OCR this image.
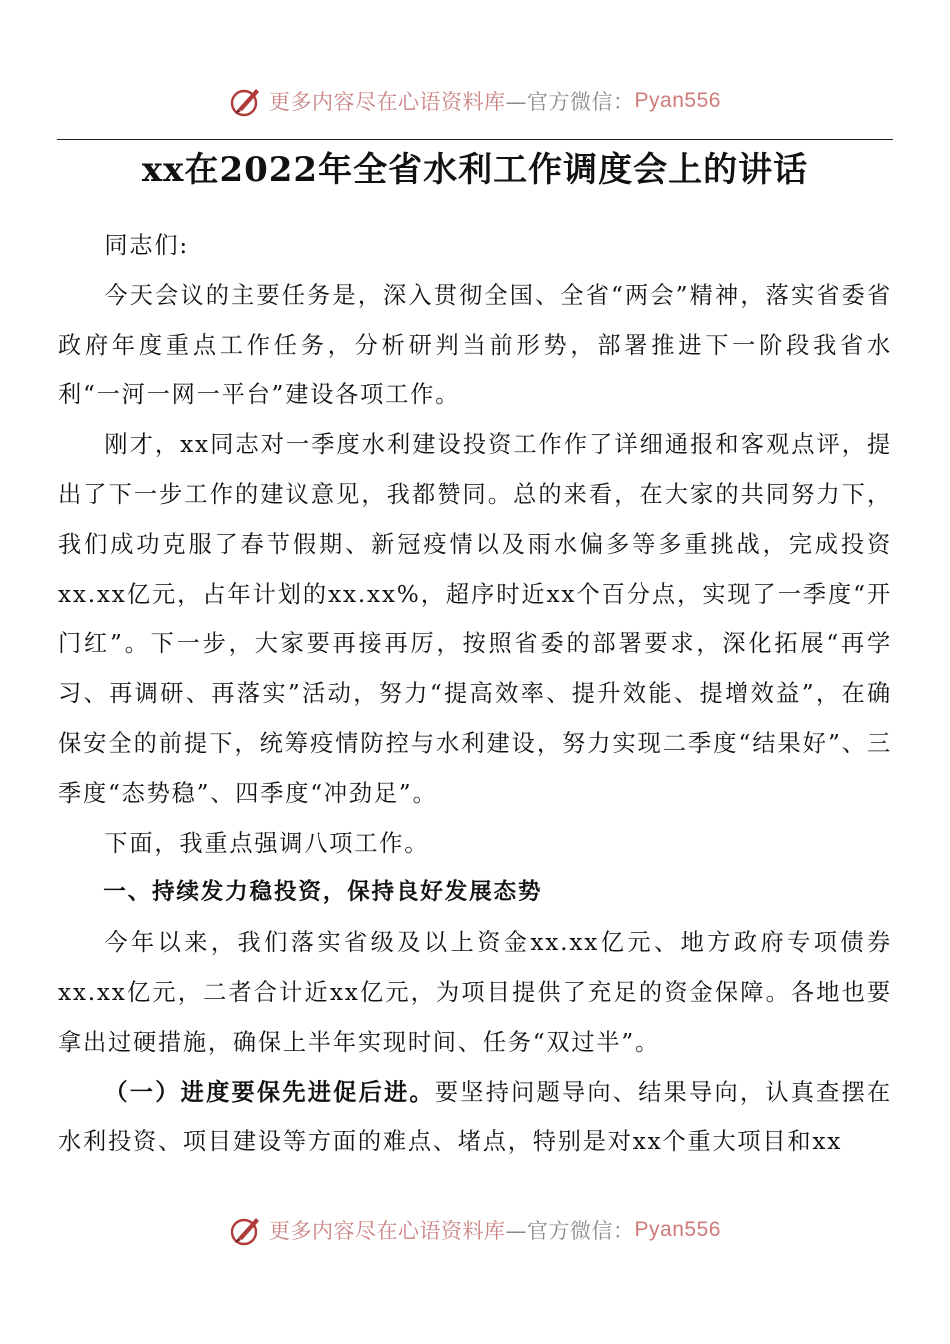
更多内容尽在心语资料库 —官方微信： Pyan556
xx在2022年全省水利工作调度会上的讲话

同志们:

今天会议的主要任务是，深入贯彻全国、全省“两会”精神，落实省委省政府年度重点工作任务，分析研判当前形势，部署推进下一阶段我省水利“一河一网一平台”建设各项工作。

刚才，xx同志对一季度水利建设投资工作作了详细通报和客观点评，提出了下一步工作的建议意见，我都赞同。总的来看，在大家的共同努力下，我们成功克服了春节假期、新冠疫情以及雨水偏多等多重挑战，完成投资xx.xx亿元，占年计划的xx.xx%，超序时近xx个百分点，实现了一季度“开门红”。下一步，大家要再接再厉，按照省委的部署要求，深化拓展“再学习、再调研、再落实”活动，努力“提高效率、提升效能、提增效益”，在确保安全的前提下，统筹疫情防控与水利建设，努力实现二季度“结果好”、三季度“态势稳”、四季度“冲劲足”。

下面，我重点强调八项工作。

一、持续发力稳投资，保持良好发展态势

今年以来，我们落实省级及以上资金xx.xx亿元、地方政府专项债券xx.xx亿元，二者合计近xx亿元，为项目提供了充足的资金保障。各地也要拿出过硬措施，确保上半年实现时间、任务“双过半”。

（一）进度要保先进促后进。要坚持问题导向、结果导向，认真查摆在水利投资、项目建设等方面的难点、堵点，特别是对xx个重大项目和xx

更多内容尽在心语资料库 —官方微信： Pyan556
